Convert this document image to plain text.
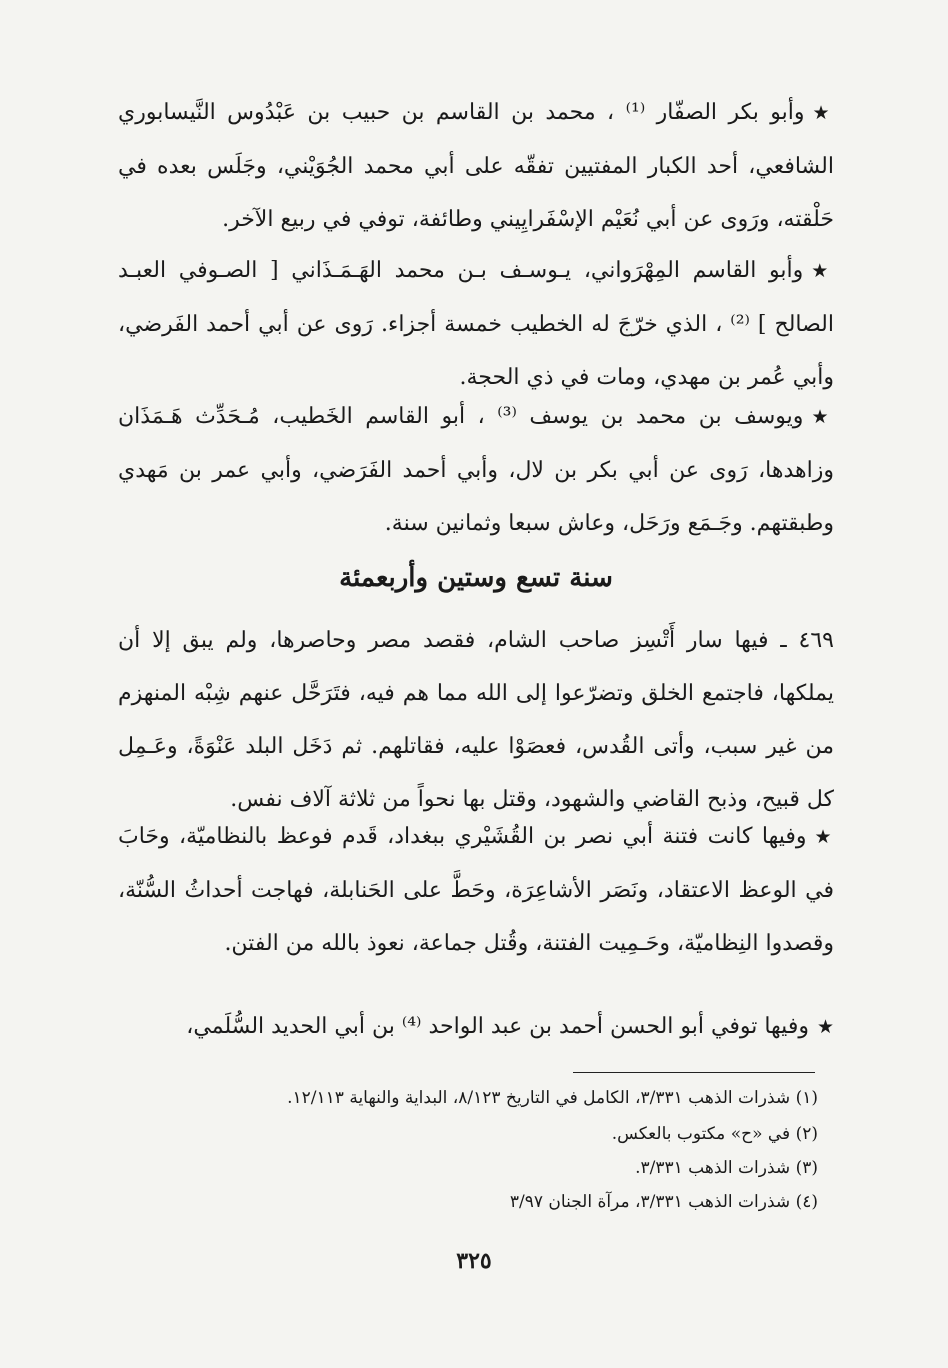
★وأبو بكر الصفّار ⁽¹⁾ ، محمد بن القاسم بن حبيب بن عَبْدُوس النَّيسابوري الشافعي، أحد الكبار المفتيين تفقّه على أبي محمد الجُوَيْني، وجَلَس بعده في حَلْقته، ورَوى عن أبي نُعَيْم الإسْفَرايِيني وطائفة، توفي في ربيع الآخر.
★وأبو القاسم المِهْرَواني، يـوسـف بـن محمد الهَـمَـذَاني [ الصـوفي العبـد الصالح ] ⁽²⁾ ، الذي خرّجَ له الخطيب خمسة أجزاء. رَوى عن أبي أحمد الفَرضي، وأبي عُمر بن مهدي، ومات في ذي الحجة.
★ويوسف بن محمد بن يوسف ⁽³⁾ ، أبو القاسم الخَطيب، مُـحَدِّث هَـمَذَان وزاهدها، رَوى عن أبي بكر بن لال، وأبي أحمد الفَرَضي، وأبي عمر بن مَهدي وطبقتهم. وجَـمَع ورَحَل، وعاش سبعا وثمانين سنة.
سنة تسع وستين وأربعمئة
٤٦٩ ـ فيها سار أَتْسِز صاحب الشام، فقصد مصر وحاصرها، ولم يبق إلا أن يملكها، فاجتمع الخلق وتضرّعوا إلى الله مما هم فيه، فتَرَحَّل عنهم شِبْه المنهزم من غير سبب، وأتى القُدس، فعصَوْا عليه، فقاتلهم. ثم دَخَل البلد عَنْوَةً، وعَـمِل كل قبيح، وذبح القاضي والشهود، وقتل بها نحواً من ثلاثة آلاف نفس.
★وفيها كانت فتنة أبي نصر بن القُشَيْري ببغداد، قَدم فوعظ بالنظاميّة، وحَابَ في الوعظ الاعتقاد، ونَصَر الأشاعِرَة، وحَطَّ على الحَنابلة، فهاجت أحداثُ السُّنّة، وقصدوا النِظاميّة، وحَـمِيت الفتنة، وقُتل جماعة، نعوذ بالله من الفتن.
★وفيها توفي أبو الحسن أحمد بن عبد الواحد ⁽⁴⁾ بن أبي الحديد السُّلَمي،
(١) شذرات الذهب ٣/٣٣١، الكامل في التاريخ ٨/١٢٣، البداية والنهاية ١٢/١١٣.
(٢) في «ح» مكتوب بالعكس.
(٣) شذرات الذهب ٣/٣٣١.
(٤) شذرات الذهب ٣/٣٣١، مرآة الجنان ٣/٩٧
٣٢٥
